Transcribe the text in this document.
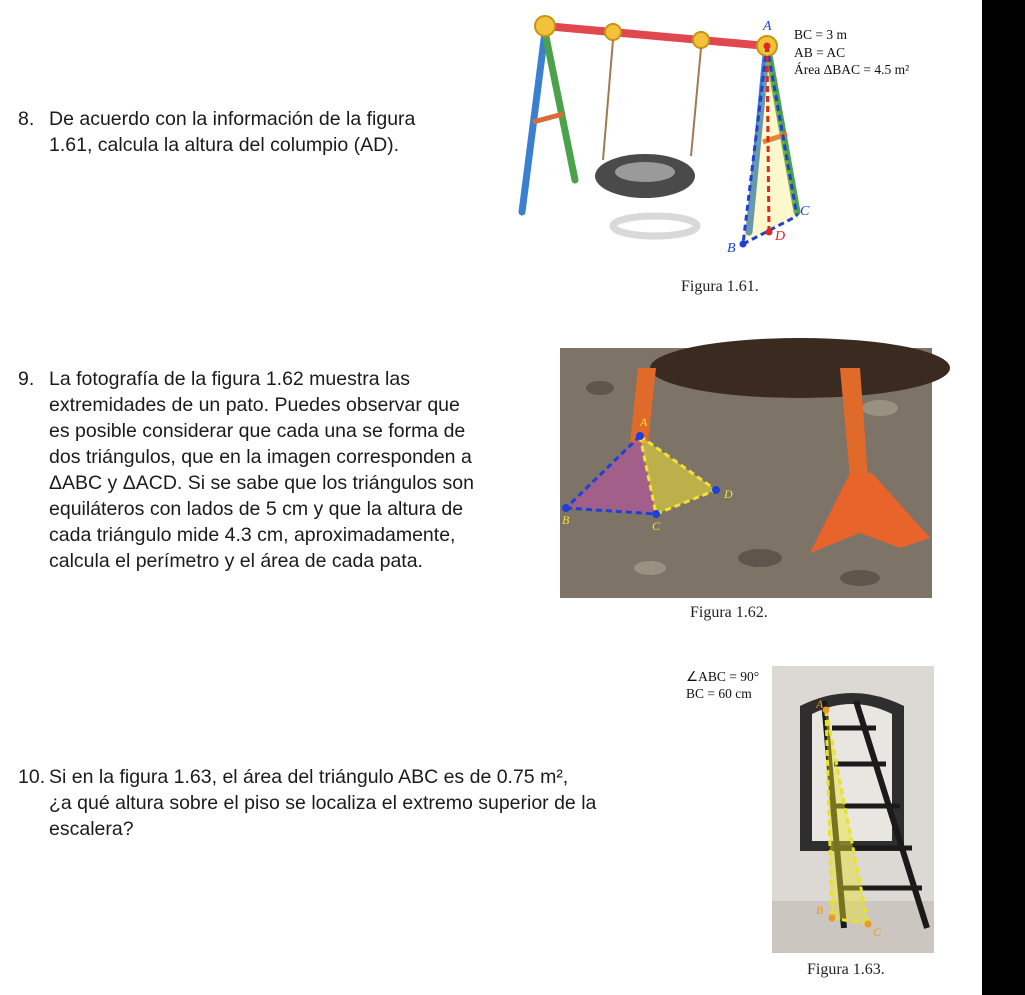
8. De acuerdo con la información de la figura
1.61, calcula la altura del columpio (AD).
A
B
D
C
BC = 3 m
AB = AC
Área ΔBAC = 4.5 m²
Figura 1.61.
9. La fotografía de la figura 1.62 muestra las
extremidades de un pato. Puedes observar que
es posible considerar que cada una se forma de
dos triángulos, que en la imagen corresponden a
ΔABC y ΔACD. Si se sabe que los triángulos son
equiláteros con lados de 5 cm y que la altura de
cada triángulo mide 4.3 cm, aproximadamente,
calcula el perímetro y el área de cada pata.
A
B	C
D
Figura 1.62.
10. Si en la figura 1.63, el área del triángulo ABC es de 0.75 m²,
¿a qué altura sobre el piso se localiza el extremo superior de la
escalera?
∠ABC = 90°
BC = 60 cm
A
B
C
Figura 1.63.
